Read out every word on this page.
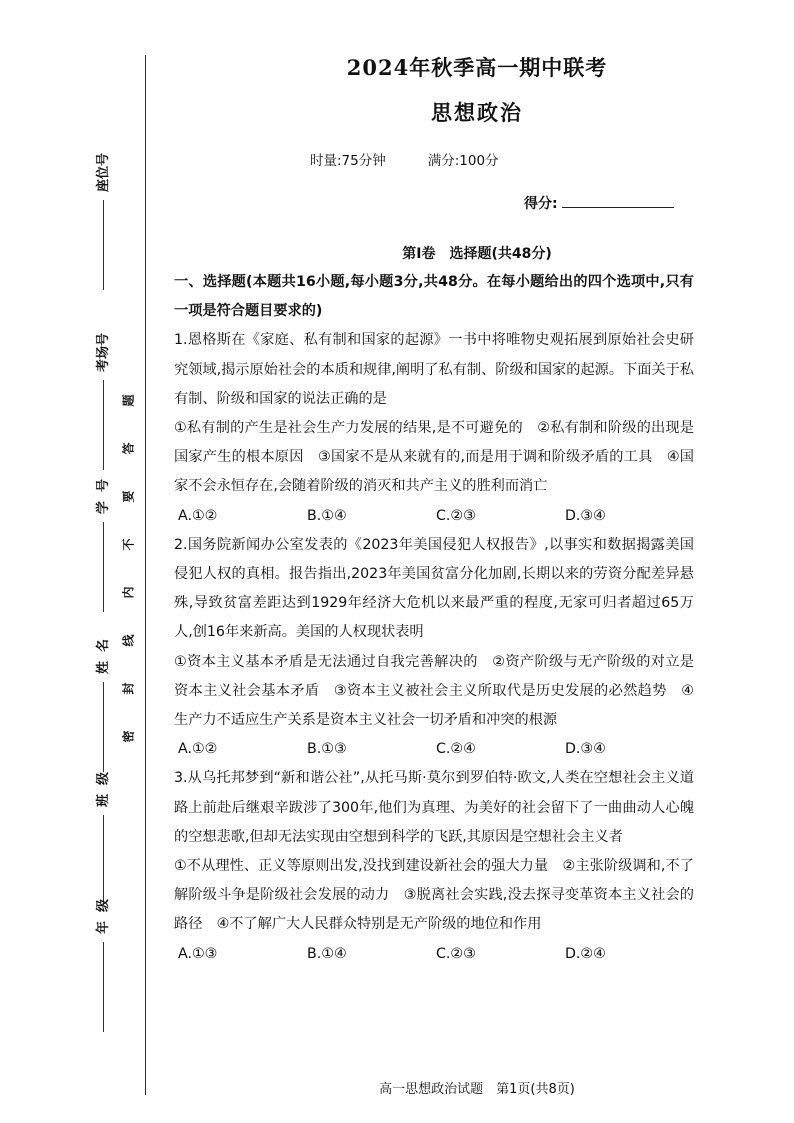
座位号
考场号
学  号
姓  名
班  级
年  级
题
答
要
不
内
线
封
密
2024年秋季高一期中联考
思想政治
时量:75分钟	满分:100分
得分:
第Ⅰ卷　选择题(共48分)

一、选择题(本题共16小题,每小题3分,共48分。在每小题给出的四个选项中,只有一项是符合题目要求的)

1.恩格斯在《家庭、私有制和国家的起源》一书中将唯物史观拓展到原始社会史研究领域,揭示原始社会的本质和规律,阐明了私有制、阶级和国家的起源。下面关于私有制、阶级和国家的说法正确的是

①私有制的产生是社会生产力发展的结果,是不可避免的　②私有制和阶级的出现是国家产生的根本原因　③国家不是从来就有的,而是用于调和阶级矛盾的工具　④国家不会永恒存在,会随着阶级的消灭和共产主义的胜利而消亡

A.①②	B.①④	C.②③	D.③④

2.国务院新闻办公室发表的《2023年美国侵犯人权报告》,以事实和数据揭露美国侵犯人权的真相。报告指出,2023年美国贫富分化加剧,长期以来的劳资分配差异悬殊,导致贫富差距达到1929年经济大危机以来最严重的程度,无家可归者超过65万人,创16年来新高。美国的人权现状表明

①资本主义基本矛盾是无法通过自我完善解决的　②资产阶级与无产阶级的对立是资本主义社会基本矛盾　③资本主义被社会主义所取代是历史发展的必然趋势　④生产力不适应生产关系是资本主义社会一切矛盾和冲突的根源

A.①②	B.①③	C.②④	D.③④

3.从乌托邦梦到“新和谐公社”,从托马斯·莫尔到罗伯特·欧文,人类在空想社会主义道路上前赴后继艰辛跋涉了300年,他们为真理、为美好的社会留下了一曲曲动人心魄的空想悲歌,但却无法实现由空想到科学的飞跃,其原因是空想社会主义者

①不从理性、正义等原则出发,没找到建设新社会的强大力量　②主张阶级调和,不了解阶级斗争是阶级社会发展的动力　③脱离社会实践,没去探寻变革资本主义社会的路径　④不了解广大人民群众特别是无产阶级的地位和作用

A.①③	B.①④	C.②③	D.②④
高一思想政治试题　第1页(共8页)
